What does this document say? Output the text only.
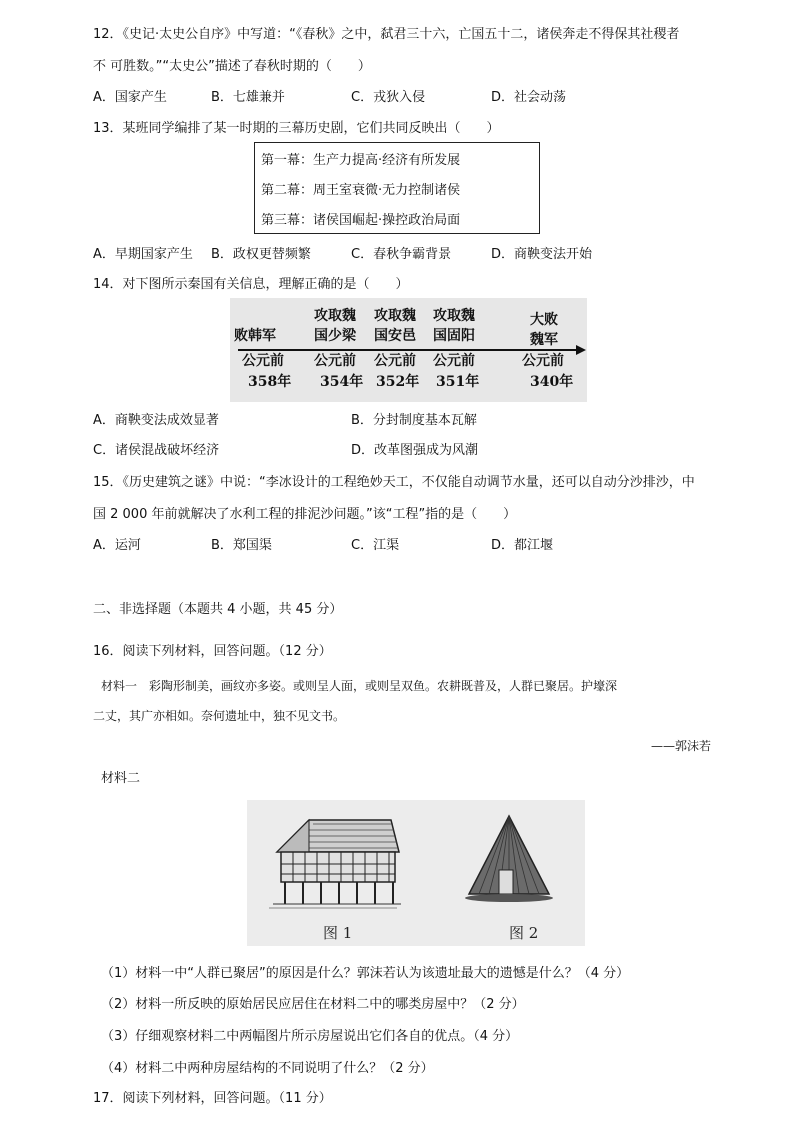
12．《史记·太史公自序》中写道：“《春秋》之中，弑君三十六，亡国五十二，诸侯奔走不得保其社稷者
不 可胜数。”“太史公”描述了春秋时期的（　　）
A．国家产生	B．七雄兼并	C．戎狄入侵	D．社会动荡
13．某班同学编排了某一时期的三幕历史剧，它们共同反映出（　　）
第一幕：生产力提高·经济有所发展
第二幕：周王室衰微·无力控制诸侯
第三幕：诸侯国崛起·操控政治局面
A．早期国家产生 B．政权更替频繁	C．春秋争霸背景	D．商鞅变法开始
14．对下图所示秦国有关信息，理解正确的是（　　）
败韩军
攻取魏
国少梁
攻取魏
国安邑
攻取魏
国固阳
大败
魏军
公元前
358年
公元前
354年
公元前
352年
公元前
351年
公元前
340年
A．商鞅变法成效显著	B．分封制度基本瓦解
C．诸侯混战破坏经济	D．改革图强成为风潮
15．《历史建筑之谜》中说：“李冰设计的工程绝妙天工，不仅能自动调节水量，还可以自动分沙排沙，中
国 2 000 年前就解决了水利工程的排泥沙问题。”该“工程”指的是（　　）
A．运河	B．郑国渠	C．江渠	D．都江堰
二、非选择题（本题共 4 小题，共 45 分）
16．阅读下列材料，回答问题。（12 分）
材料一　彩陶形制美，画纹亦多姿。或则呈人面，或则呈双鱼。农耕既普及，人群已聚居。护壕深
二丈，其广亦相如。奈何遗址中，独不见文书。
——郭沫若
材料二
图 1	图 2
（1）材料一中“人群已聚居”的原因是什么？郭沫若认为该遗址最大的遗憾是什么？（4 分）
（2）材料一所反映的原始居民应居住在材料二中的哪类房屋中？（2 分）
（3）仔细观察材料二中两幅图片所示房屋说出它们各自的优点。（4 分）
（4）材料二中两种房屋结构的不同说明了什么？（2 分）
17．阅读下列材料，回答问题。（11 分）
